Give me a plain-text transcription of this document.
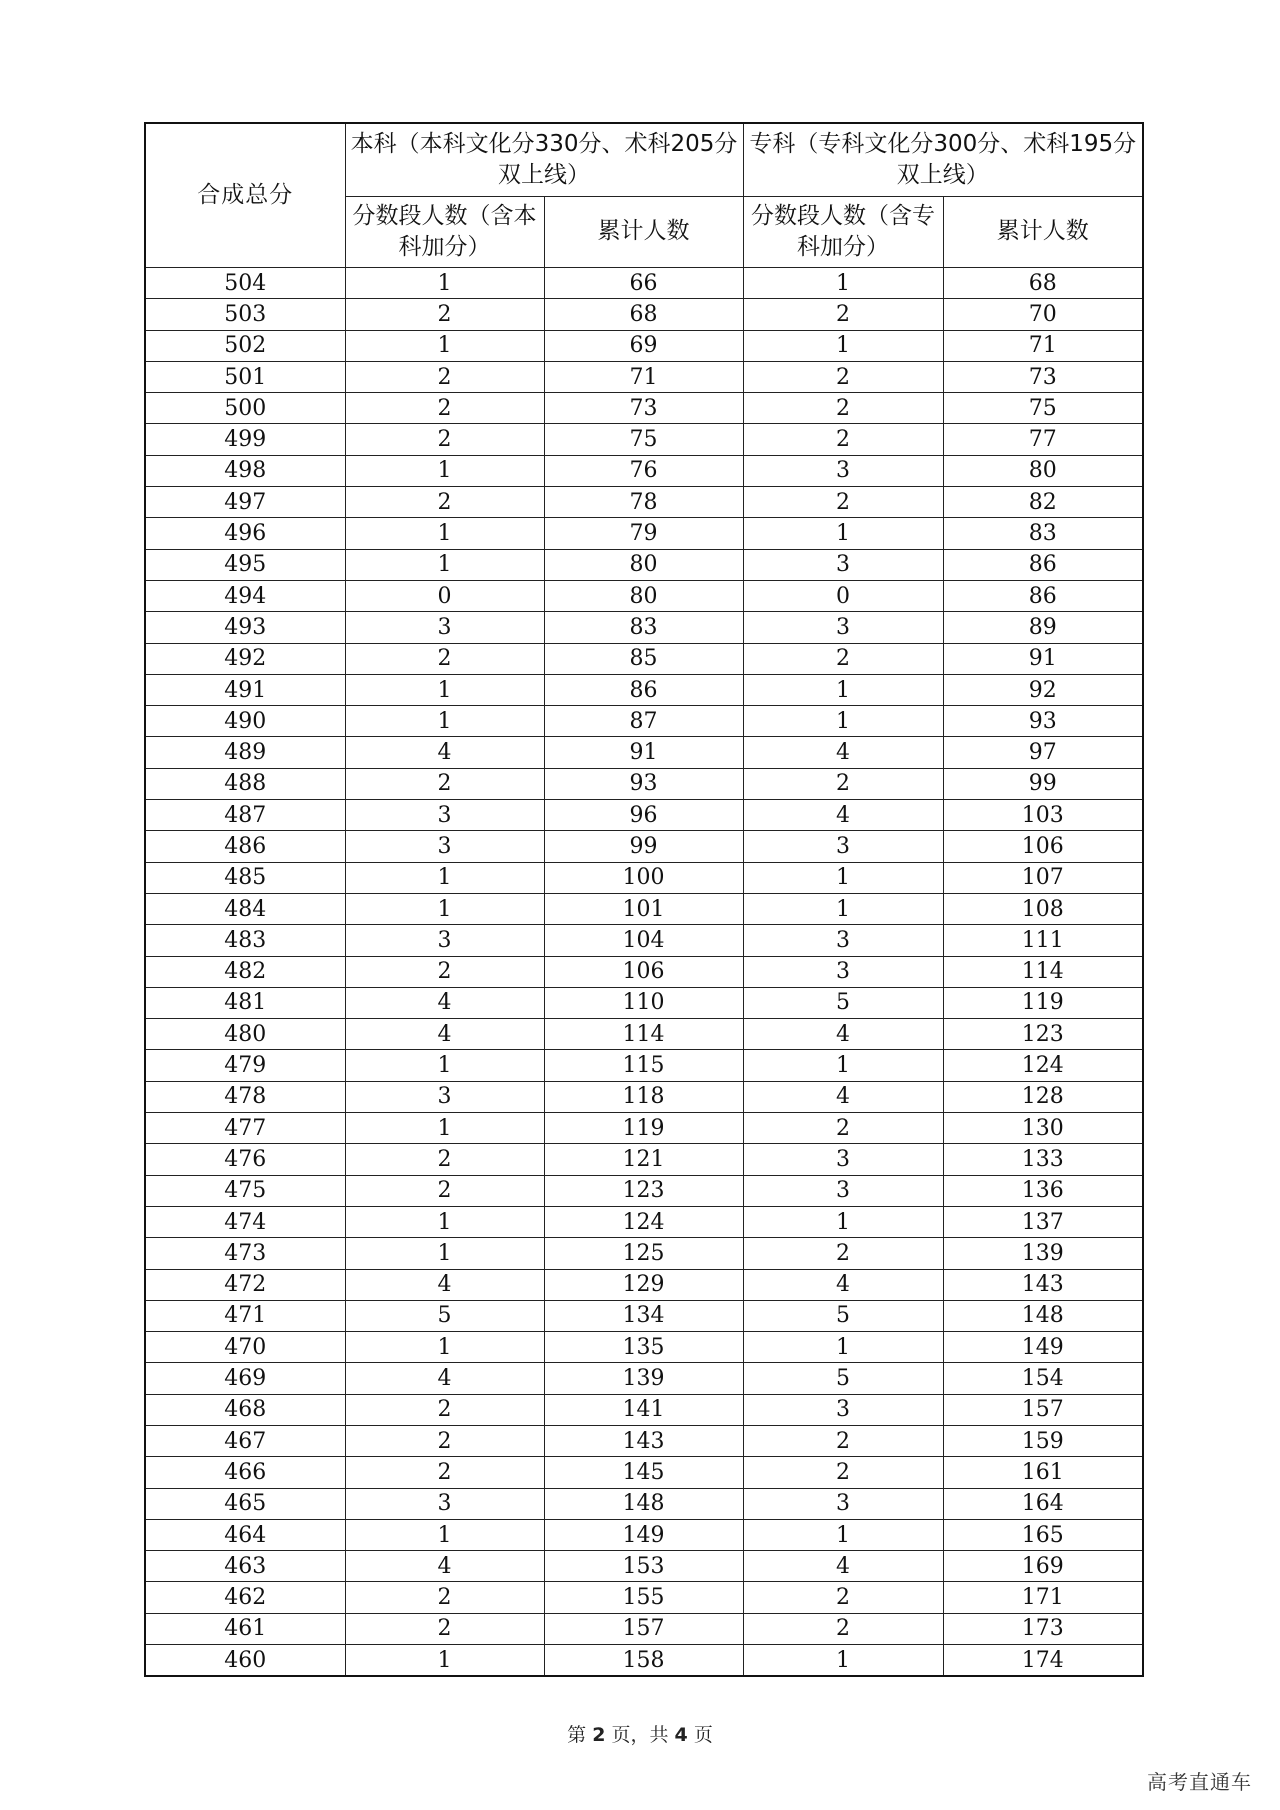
合成总分	本科（本科文化分330分、术科205分双上线）		专科（专科文化分300分、术科195分双上线）	
	分数段人数（含本科加分）	累计人数	分数段人数（含专科加分）	累计人数
504	1	66	1	68
503	2	68	2	70
502	1	69	1	71
501	2	71	2	73
500	2	73	2	75
499	2	75	2	77
498	1	76	3	80
497	2	78	2	82
496	1	79	1	83
495	1	80	3	86
494	0	80	0	86
493	3	83	3	89
492	2	85	2	91
491	1	86	1	92
490	1	87	1	93
489	4	91	4	97
488	2	93	2	99
487	3	96	4	103
486	3	99	3	106
485	1	100	1	107
484	1	101	1	108
483	3	104	3	111
482	2	106	3	114
481	4	110	5	119
480	4	114	4	123
479	1	115	1	124
478	3	118	4	128
477	1	119	2	130
476	2	121	3	133
475	2	123	3	136
474	1	124	1	137
473	1	125	2	139
472	4	129	4	143
471	5	134	5	148
470	1	135	1	149
469	4	139	5	154
468	2	141	3	157
467	2	143	2	159
466	2	145	2	161
465	3	148	3	164
464	1	149	1	165
463	4	153	4	169
462	2	155	2	171
461	2	157	2	173
460	1	158	1	174
第 2 页，共 4 页
高考直通车
